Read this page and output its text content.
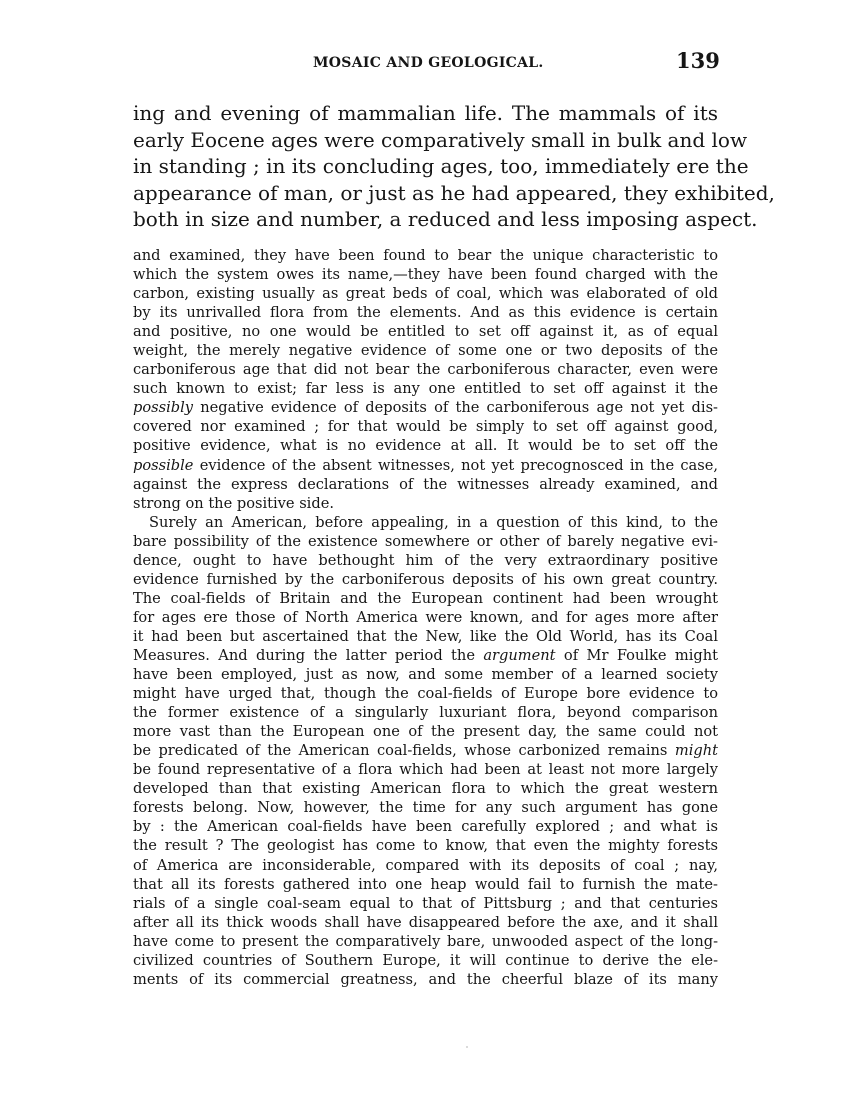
MOSAIC AND GEOLOGICAL.	139
ing and evening of mammalian life. The mammals of its
early Eocene ages were comparatively small in bulk and low
in standing ; in its concluding ages, too, immediately ere the
appearance of man, or just as he had appeared, they exhibited,
both in size and number, a reduced and less imposing aspect.
and examined, they have been found to bear the unique characteristic to
which the system owes its name,—they have been found charged with the
carbon, existing usually as great beds of coal, which was elaborated of old
by its unrivalled flora from the elements. And as this evidence is certain
and positive, no one would be entitled to set off against it, as of equal
weight, the merely negative evidence of some one or two deposits of the
carboniferous age that did not bear the carboniferous character, even were
such known to exist; far less is any one entitled to set off against it the
possibly negative evidence of deposits of the carboniferous age not yet dis-
covered nor examined ; for that would be simply to set off against good,
positive evidence, what is no evidence at all. It would be to set off the
possible evidence of the absent witnesses, not yet precognosced in the case,
against the express declarations of the witnesses already examined, and
strong on the positive side.
Surely an American, before appealing, in a question of this kind, to the
bare possibility of the existence somewhere or other of barely negative evi-
dence, ought to have bethought him of the very extraordinary positive
evidence furnished by the carboniferous deposits of his own great country.
The coal-fields of Britain and the European continent had been wrought
for ages ere those of North America were known, and for ages more after
it had been but ascertained that the New, like the Old World, has its Coal
Measures. And during the latter period the argument of Mr Foulke might
have been employed, just as now, and some member of a learned society
might have urged that, though the coal-fields of Europe bore evidence to
the former existence of a singularly luxuriant flora, beyond comparison
more vast than the European one of the present day, the same could not
be predicated of the American coal-fields, whose carbonized remains might
be found representative of a flora which had been at least not more largely
developed than that existing American flora to which the great western
forests belong. Now, however, the time for any such argument has gone
by : the American coal-fields have been carefully explored ; and what is
the result ? The geologist has come to know, that even the mighty forests
of America are inconsiderable, compared with its deposits of coal ; nay,
that all its forests gathered into one heap would fail to furnish the mate-
rials of a single coal-seam equal to that of Pittsburg ; and that centuries
after all its thick woods shall have disappeared before the axe, and it shall
have come to present the comparatively bare, unwooded aspect of the long-
civilized countries of Southern Europe, it will continue to derive the ele-
ments of its commercial greatness, and the cheerful blaze of its many
